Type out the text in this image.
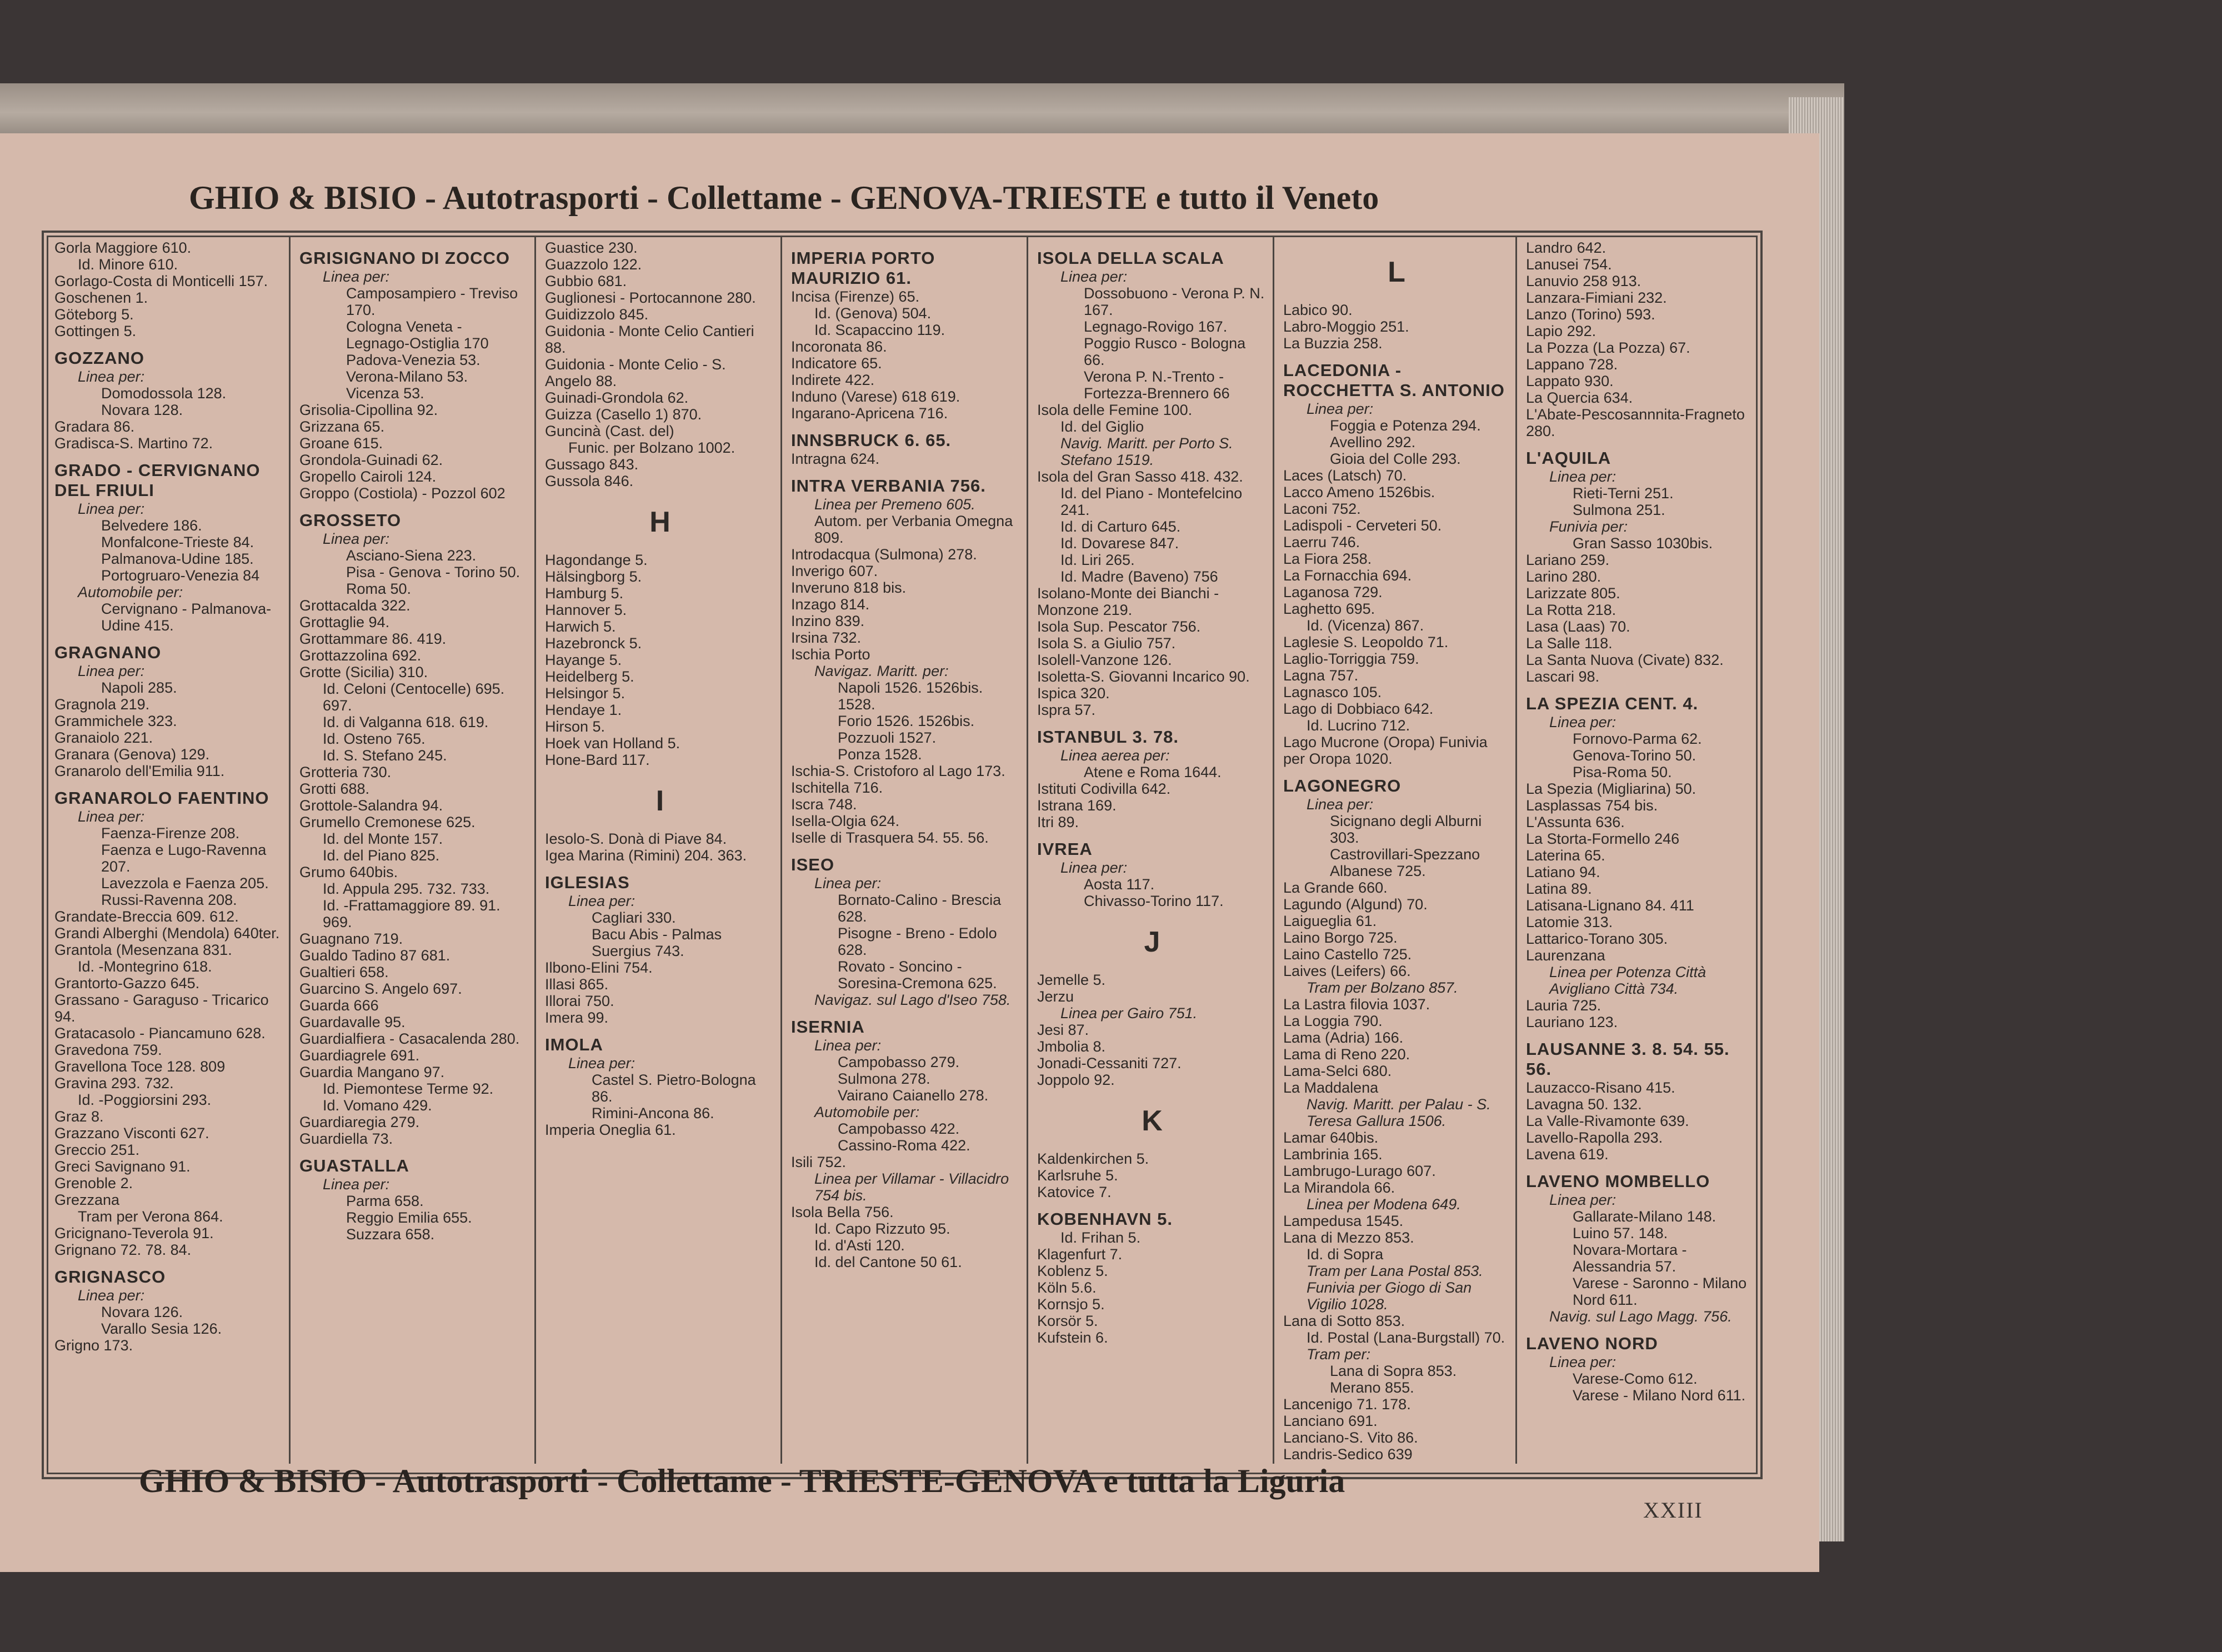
GHIO & BISIO - Autotrasporti - Collettame - GENOVA-TRIESTE e tutto il Veneto
Gorla Maggiore 610.
Id. Minore 610.
Gorlago-Costa di Monticelli 157.
Goschenen 1.
Göteborg 5.
Gottingen 5.
GOZZANO
Linea per:
Domodossola 128.
Novara 128.
Gradara 86.
Gradisca-S. Martino 72.
GRADO - CERVIGNANO DEL FRIULI
Linea per:
Belvedere 186.
Monfalcone-Trieste 84.
Palmanova-Udine 185.
Portogruaro-Venezia 84
Automobile per:
Cervignano - Palmanova-Udine 415.
GRAGNANO
Linea per:
Napoli 285.
Gragnola 219.
Grammichele 323.
Granaiolo 221.
Granara (Genova) 129.
Granarolo dell'Emilia 911.
GRANAROLO FAENTINO
Linea per:
Faenza-Firenze 208.
Faenza e Lugo-Ravenna 207.
Lavezzola e Faenza 205.
Russi-Ravenna 208.
Grandate-Breccia 609. 612.
Grandi Alberghi (Mendola) 640ter.
Grantola (Mesenzana 831.
Id. -Montegrino 618.
Grantorto-Gazzo 645.
Grassano - Garaguso - Tricarico 94.
Gratacasolo - Piancamuno 628.
Gravedona 759.
Gravellona Toce 128. 809
Gravina 293. 732.
Id. -Poggiorsini 293.
Graz 8.
Grazzano Visconti 627.
Greccio 251.
Greci Savignano 91.
Grenoble 2.
Grezzana
Tram per Verona 864.
Gricignano-Teverola 91.
Grignano 72. 78. 84.
GRIGNASCO
Linea per:
Novara 126.
Varallo Sesia 126.
Grigno 173.
GRISIGNANO DI ZOCCO
Linea per:
Camposampiero - Treviso 170.
Cologna Veneta - Legnago-Ostiglia 170
Padova-Venezia 53.
Verona-Milano 53.
Vicenza 53.
Grisolia-Cipollina 92.
Grizzana 65.
Groane 615.
Grondola-Guinadi 62.
Gropello Cairoli 124.
Groppo (Costiola) - Pozzol 602
GROSSETO
Linea per:
Asciano-Siena 223.
Pisa - Genova - Torino 50.
Roma 50.
Grottacalda 322.
Grottaglie 94.
Grottammare 86. 419.
Grottazzolina 692.
Grotte (Sicilia) 310.
Id. Celoni (Centocelle) 695. 697.
Id. di Valganna 618. 619.
Id. Osteno 765.
Id. S. Stefano 245.
Grotteria 730.
Grotti 688.
Grottole-Salandra 94.
Grumello Cremonese 625.
Id. del Monte 157.
Id. del Piano 825.
Grumo 640bis.
Id. Appula 295. 732. 733.
Id. -Frattamaggiore 89. 91. 969.
Guagnano 719.
Gualdo Tadino 87 681.
Gualtieri 658.
Guarcino S. Angelo 697.
Guarda 666
Guardavalle 95.
Guardialfiera - Casacalenda 280.
Guardiagrele 691.
Guardia Mangano 97.
Id. Piemontese Terme 92.
Id. Vomano 429.
Guardiaregia 279.
Guardiella 73.
GUASTALLA
Linea per:
Parma 658.
Reggio Emilia 655.
Suzzara 658.
Guastice 230.
Guazzolo 122.
Gubbio 681.
Guglionesi - Portocannone 280.
Guidizzolo 845.
Guidonia - Monte Celio Cantieri 88.
Guidonia - Monte Celio - S. Angelo 88.
Guinadi-Grondola 62.
Guizza (Casello 1) 870.
Guncinà (Cast. del)
Funic. per Bolzano 1002.
Gussago 843.
Gussola 846.
H
Hagondange 5.
Hälsingborg 5.
Hamburg 5.
Hannover 5.
Harwich 5.
Hazebronck 5.
Hayange 5.
Heidelberg 5.
Helsingor 5.
Hendaye 1.
Hirson 5.
Hoek van Holland 5.
Hone-Bard 117.
I
Iesolo-S. Donà di Piave 84.
Igea Marina (Rimini) 204. 363.
IGLESIAS
Linea per:
Cagliari 330.
Bacu Abis - Palmas Suergius 743.
Ilbono-Elini 754.
Illasi 865.
Illorai 750.
Imera 99.
IMOLA
Linea per:
Castel S. Pietro-Bologna 86.
Rimini-Ancona 86.
Imperia Oneglia 61.
IMPERIA PORTO MAURIZIO 61.
Incisa (Firenze) 65.
Id. (Genova) 504.
Id. Scapaccino 119.
Incoronata 86.
Indicatore 65.
Indirete 422.
Induno (Varese) 618 619.
Ingarano-Apricena 716.
INNSBRUCK 6. 65.
Intragna 624.
INTRA VERBANIA 756.
Linea per Premeno 605.
Autom. per Verbania Omegna 809.
Introdacqua (Sulmona) 278.
Inverigo 607.
Inveruno 818 bis.
Inzago 814.
Inzino 839.
Irsina 732.
Ischia Porto
Navigaz. Maritt. per:
Napoli 1526. 1526bis. 1528.
Forio 1526. 1526bis.
Pozzuoli 1527.
Ponza 1528.
Ischia-S. Cristoforo al Lago 173.
Ischitella 716.
Iscra 748.
Isella-Olgia 624.
Iselle di Trasquera 54. 55. 56.
ISEO
Linea per:
Bornato-Calino - Brescia 628.
Pisogne - Breno - Edolo 628.
Rovato - Soncino - Soresina-Cremona 625.
Navigaz. sul Lago d'Iseo 758.
ISERNIA
Linea per:
Campobasso 279.
Sulmona 278.
Vairano Caianello 278.
Automobile per:
Campobasso 422.
Cassino-Roma 422.
Isili 752.
Linea per Villamar - Villacidro 754 bis.
Isola Bella 756.
Id. Capo Rizzuto 95.
Id. d'Asti 120.
Id. del Cantone 50 61.
ISOLA DELLA SCALA
Linea per:
Dossobuono - Verona P. N. 167.
Legnago-Rovigo 167.
Poggio Rusco - Bologna 66.
Verona P. N.-Trento - Fortezza-Brennero 66
Isola delle Femine 100.
Id. del Giglio
Navig. Maritt. per Porto S. Stefano 1519.
Isola del Gran Sasso 418. 432.
Id. del Piano - Montefelcino 241.
Id. di Carturo 645.
Id. Dovarese 847.
Id. Liri 265.
Id. Madre (Baveno) 756
Isolano-Monte dei Bianchi - Monzone 219.
Isola Sup. Pescator 756.
Isola S. a Giulio 757.
Isolell-Vanzone 126.
Isoletta-S. Giovanni Incarico 90.
Ispica 320.
Ispra 57.
ISTANBUL 3. 78.
Linea aerea per:
Atene e Roma 1644.
Istituti Codivilla 642.
Istrana 169.
Itri 89.
IVREA
Linea per:
Aosta 117.
Chivasso-Torino 117.
J
Jemelle 5.
Jerzu
Linea per Gairo 751.
Jesi 87.
Jmbolia 8.
Jonadi-Cessaniti 727.
Joppolo 92.
K
Kaldenkirchen 5.
Karlsruhe 5.
Katovice 7.
KOBENHAVN 5.
Id. Frihan 5.
Klagenfurt 7.
Koblenz 5.
Köln 5.6.
Kornsjo 5.
Korsör 5.
Kufstein 6.
L
Labico 90.
Labro-Moggio 251.
La Buzzia 258.
LACEDONIA - ROCCHETTA S. ANTONIO
Linea per:
Foggia e Potenza 294.
Avellino 292.
Gioia del Colle 293.
Laces (Latsch) 70.
Lacco Ameno 1526bis.
Laconi 752.
Ladispoli - Cerveteri 50.
Laerru 746.
La Fiora 258.
La Fornacchia 694.
Laganosa 729.
Laghetto 695.
Id. (Vicenza) 867.
Laglesie S. Leopoldo 71.
Laglio-Torriggia 759.
Lagna 757.
Lagnasco 105.
Lago di Dobbiaco 642.
Id. Lucrino 712.
Lago Mucrone (Oropa) Funivia per Oropa 1020.
LAGONEGRO
Linea per:
Sicignano degli Alburni 303.
Castrovillari-Spezzano Albanese 725.
La Grande 660.
Lagundo (Algund) 70.
Laigueglia 61.
Laino Borgo 725.
Laino Castello 725.
Laives (Leifers) 66.
Tram per Bolzano 857.
La Lastra filovia 1037.
La Loggia 790.
Lama (Adria) 166.
Lama di Reno 220.
Lama-Selci 680.
La Maddalena
Navig. Maritt. per Palau - S. Teresa Gallura 1506.
Lamar 640bis.
Lambrinia 165.
Lambrugo-Lurago 607.
La Mirandola 66.
Linea per Modena 649.
Lampedusa 1545.
Lana di Mezzo 853.
Id. di Sopra
Tram per Lana Postal 853.
Funivia per Giogo di San Vigilio 1028.
Lana di Sotto 853.
Id. Postal (Lana-Burgstall) 70.
Tram per:
Lana di Sopra 853.
Merano 855.
Lancenigo 71. 178.
Lanciano 691.
Lanciano-S. Vito 86.
Landris-Sedico 639
Landro 642.
Lanusei 754.
Lanuvio 258 913.
Lanzara-Fimiani 232.
Lanzo (Torino) 593.
Lapio 292.
La Pozza (La Pozza) 67.
Lappano 728.
Lappato 930.
La Quercia 634.
L'Abate-Pescosannnita-Fragneto 280.
L'AQUILA
Linea per:
Rieti-Terni 251.
Sulmona 251.
Funivia per:
Gran Sasso 1030bis.
Lariano 259.
Larino 280.
Larizzate 805.
La Rotta 218.
Lasa (Laas) 70.
La Salle 118.
La Santa Nuova (Civate) 832.
Lascari 98.
LA SPEZIA CENT. 4.
Linea per:
Fornovo-Parma 62.
Genova-Torino 50.
Pisa-Roma 50.
La Spezia (Migliarina) 50.
Lasplassas 754 bis.
L'Assunta 636.
La Storta-Formello 246
Laterina 65.
Latiano 94.
Latina 89.
Latisana-Lignano 84. 411
Latomie 313.
Lattarico-Torano 305.
Laurenzana
Linea per Potenza Città Avigliano Città 734.
Lauria 725.
Lauriano 123.
LAUSANNE 3. 8. 54. 55. 56.
Lauzacco-Risano 415.
Lavagna 50. 132.
La Valle-Rivamonte 639.
Lavello-Rapolla 293.
Lavena 619.
LAVENO MOMBELLO
Linea per:
Gallarate-Milano 148.
Luino 57. 148.
Novara-Mortara - Alessandria 57.
Varese - Saronno - Milano Nord 611.
Navig. sul Lago Magg. 756.
LAVENO NORD
Linea per:
Varese-Como 612.
Varese - Milano Nord 611.
GHIO & BISIO - Autotrasporti - Collettame - TRIESTE-GENOVA e tutta la Liguria
XXIII
